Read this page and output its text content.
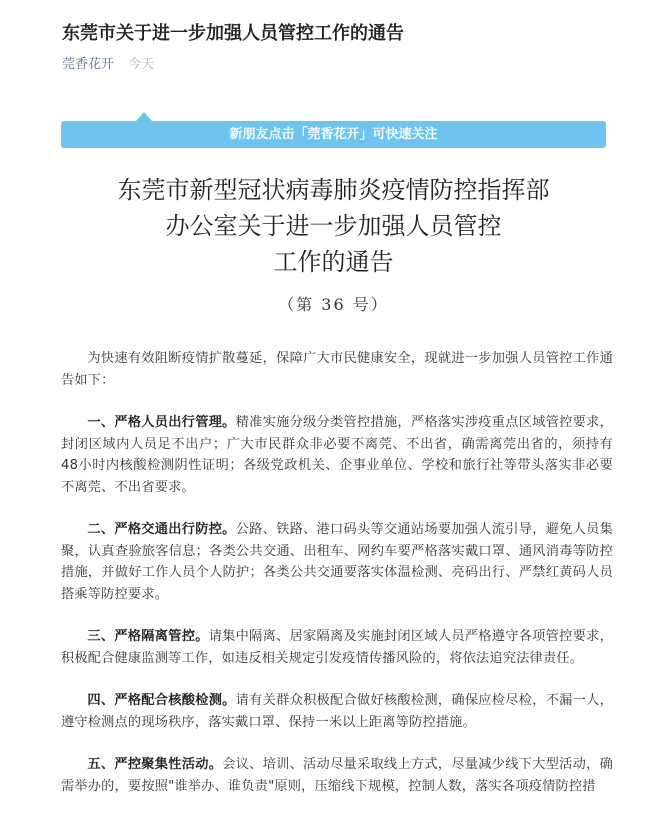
东莞市关于进一步加强人员管控工作的通告
莞香花开 今天
新朋友点击「莞香花开」可快速关注
东莞市新型冠状病毒肺炎疫情防控指挥部
办公室关于进一步加强人员管控
工作的通告
（第 36 号）

为快速有效阻断疫情扩散蔓延，保障广大市民健康安全，现就进一步加强人员管控工作通告如下：

一、严格人员出行管理。精准实施分级分类管控措施，严格落实涉疫重点区域管控要求，封闭区域内人员足不出户；广大市民群众非必要不离莞、不出省，确需离莞出省的，须持有48小时内核酸检测阴性证明；各级党政机关、企事业单位、学校和旅行社等带头落实非必要不离莞、不出省要求。

二、严格交通出行防控。公路、铁路、港口码头等交通站场要加强人流引导，避免人员集聚，认真查验旅客信息；各类公共交通、出租车、网约车要严格落实戴口罩、通风消毒等防控措施，并做好工作人员个人防护；各类公共交通要落实体温检测、亮码出行、严禁红黄码人员搭乘等防控要求。

三、严格隔离管控。请集中隔离、居家隔离及实施封闭区域人员严格遵守各项管控要求，积极配合健康监测等工作，如违反相关规定引发疫情传播风险的，将依法追究法律责任。

四、严格配合核酸检测。请有关群众积极配合做好核酸检测，确保应检尽检，不漏一人，遵守检测点的现场秩序，落实戴口罩、保持一米以上距离等防控措施。

五、严控聚集性活动。会议、培训、活动尽量采取线上方式，尽量减少线下大型活动，确需举办的，要按照"谁举办、谁负责"原则，压缩线下规模，控制人数，落实各项疫情防控措
